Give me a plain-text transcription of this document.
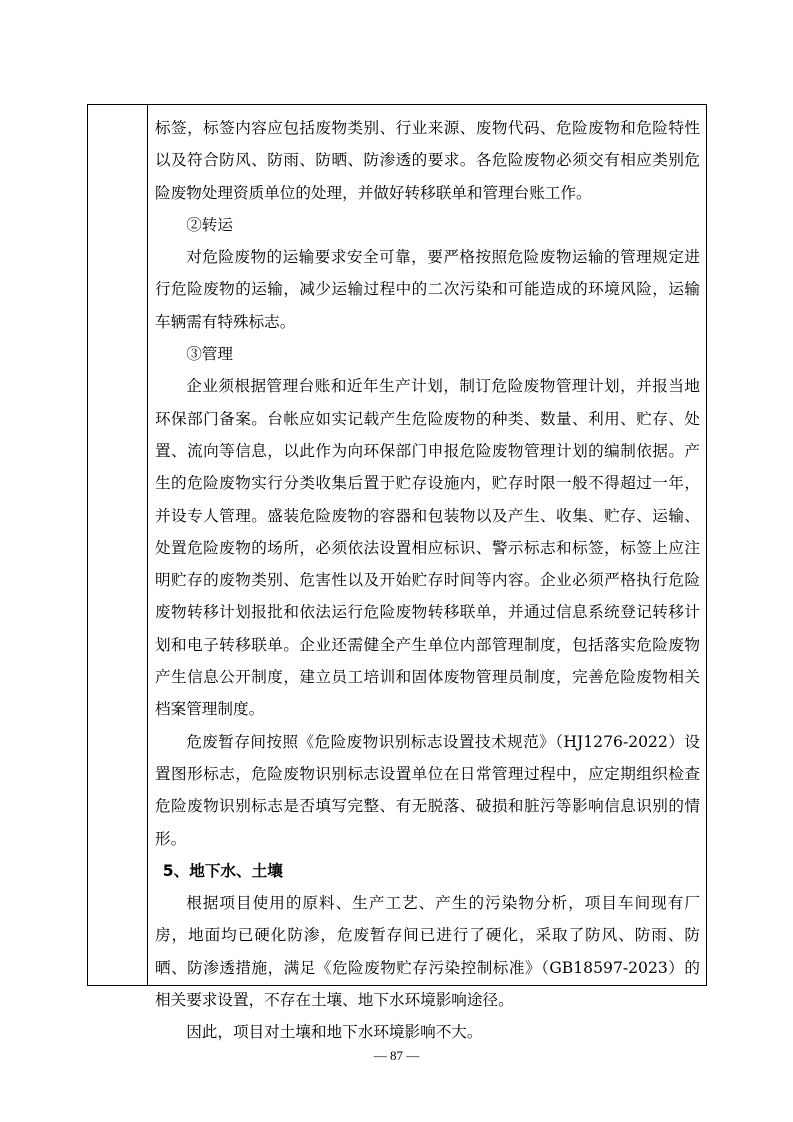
标签，标签内容应包括废物类别、行业来源、废物代码、危险废物和危险特性以及符合防风、防雨、防晒、防渗透的要求。各危险废物必须交有相应类别危险废物处理资质单位的处理，并做好转移联单和管理台账工作。

②转运

对危险废物的运输要求安全可靠，要严格按照危险废物运输的管理规定进行危险废物的运输，减少运输过程中的二次污染和可能造成的环境风险，运输车辆需有特殊标志。

③管理

企业须根据管理台账和近年生产计划，制订危险废物管理计划，并报当地环保部门备案。台帐应如实记载产生危险废物的种类、数量、利用、贮存、处置、流向等信息，以此作为向环保部门申报危险废物管理计划的编制依据。产生的危险废物实行分类收集后置于贮存设施内，贮存时限一般不得超过一年，并设专人管理。盛装危险废物的容器和包装物以及产生、收集、贮存、运输、处置危险废物的场所，必须依法设置相应标识、警示标志和标签，标签上应注明贮存的废物类别、危害性以及开始贮存时间等内容。企业必须严格执行危险废物转移计划报批和依法运行危险废物转移联单，并通过信息系统登记转移计划和电子转移联单。企业还需健全产生单位内部管理制度，包括落实危险废物产生信息公开制度，建立员工培训和固体废物管理员制度，完善危险废物相关档案管理制度。

危废暂存间按照《危险废物识别标志设置技术规范》（HJ1276-2022）设置图形标志，危险废物识别标志设置单位在日常管理过程中，应定期组织检查危险废物识别标志是否填写完整、有无脱落、破损和脏污等影响信息识别的情形。

5、地下水、土壤

根据项目使用的原料、生产工艺、产生的污染物分析，项目车间现有厂房，地面均已硬化防渗，危废暂存间已进行了硬化，采取了防风、防雨、防晒、防渗透措施，满足《危险废物贮存污染控制标准》（GB18597-2023）的相关要求设置，不存在土壤、地下水环境影响途径。

因此，项目对土壤和地下水环境影响不大。

— 87 —
